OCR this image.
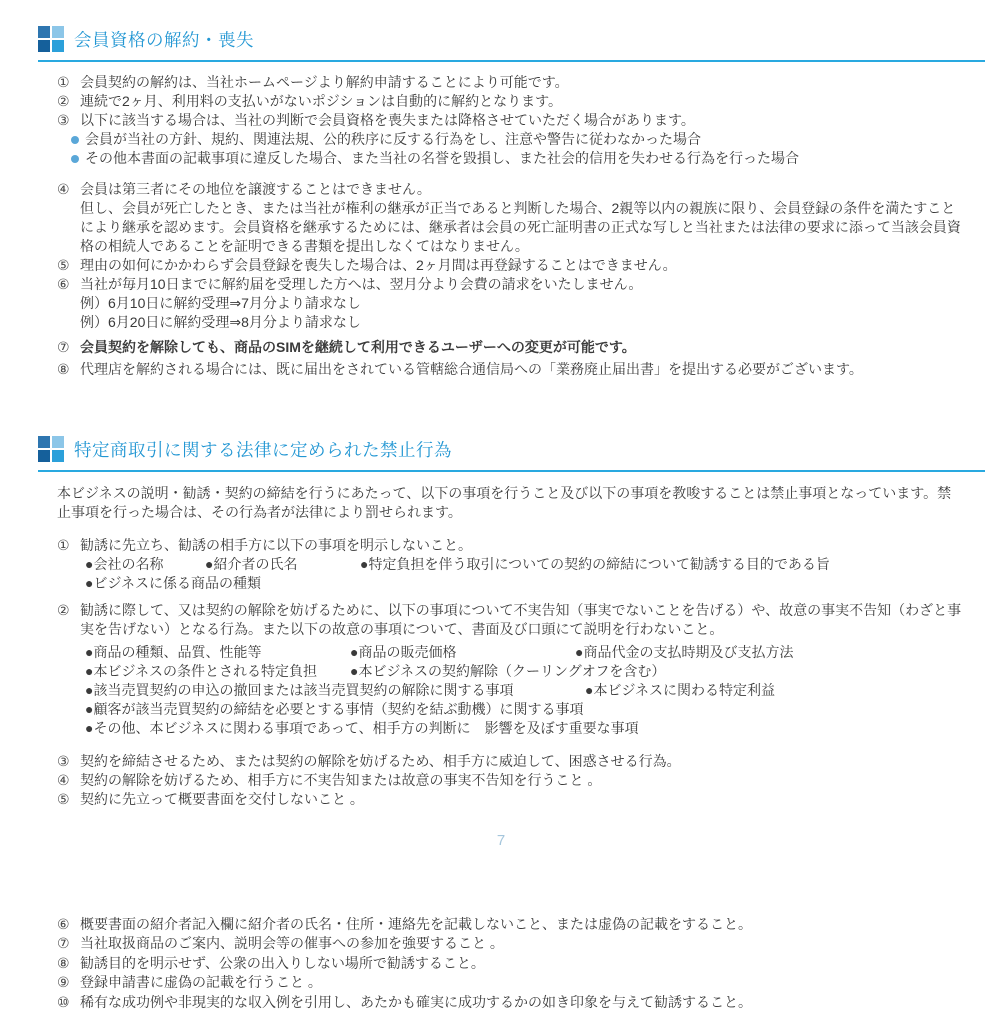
会員資格の解約・喪失
① 会員契約の解約は、当社ホームページより解約申請することにより可能です。
② 連続で2ヶ月、利用料の支払いがないポジションは自動的に解約となります。
③ 以下に該当する場合は、当社の判断で会員資格を喪失または降格させていただく場合があります。
会員が当社の方針、規約、関連法規、公的秩序に反する行為をし、注意や警告に従わなかった場合
その他本書面の記載事項に違反した場合、また当社の名誉を毀損し、また社会的信用を失わせる行為を行った場合
④ 会員は第三者にその地位を譲渡することはできません。
但し、会員が死亡したとき、または当社が権利の継承が正当であると判断した場合、2親等以内の親族に限り、会員登録の条件を満たすことにより継承を認めます。会員資格を継承するためには、継承者は会員の死亡証明書の正式な写しと当社または法律の要求に添って当該会員資格の相続人であることを証明できる書類を提出しなくてはなりません。
⑤ 理由の如何にかかわらず会員登録を喪失した場合は、2ヶ月間は再登録することはできません。
⑥ 当社が毎月10日までに解約届を受理した方へは、翌月分より会費の請求をいたしません。
例）6月10日に解約受理⇒7月分より請求なし
例）6月20日に解約受理⇒8月分より請求なし
⑦ 会員契約を解除しても、商品のSIMを継続して利用できるユーザーへの変更が可能です。
⑧ 代理店を解約される場合には、既に届出をされている管轄総合通信局への「業務廃止届出書」を提出する必要がございます。
特定商取引に関する法律に定められた禁止行為
本ビジネスの説明・勧誘・契約の締結を行うにあたって、以下の事項を行うこと及び以下の事項を教唆することは禁止事項となっています。禁止事項を行った場合は、その行為者が法律により罰せられます。
① 勧誘に先立ち、勧誘の相手方に以下の事項を明示しないこと。
●会社の名称	●紹介者の氏名	●特定負担を伴う取引についての契約の締結について勧誘する目的である旨
●ビジネスに係る商品の種類
② 勧誘に際して、又は契約の解除を妨げるために、以下の事項について不実告知（事実でないことを告げる）や、故意の事実不告知（わざと事実を告げない）となる行為。また以下の故意の事項について、書面及び口頭にて説明を行わないこと。
●商品の種類、品質、性能等	●商品の販売価格	●商品代金の支払時期及び支払方法
●本ビジネスの条件とされる特定負担 ●本ビジネスの契約解除（クーリングオフを含む）
●該当売買契約の申込の撤回または該当売買契約の解除に関する事項	●本ビジネスに関わる特定利益
●顧客が該当売買契約の締結を必要とする事情（契約を結ぶ動機）に関する事項
●その他、本ビジネスに関わる事項であって、相手方の判断に　影響を及ぼす重要な事項
③ 契約を締結させるため、または契約の解除を妨げるため、相手方に威迫して、困惑させる行為。
④ 契約の解除を妨げるため、相手方に不実告知または故意の事実不告知を行うこと 。
⑤ 契約に先立って概要書面を交付しないこと 。
7
⑥ 概要書面の紹介者記入欄に紹介者の氏名・住所・連絡先を記載しないこと、または虚偽の記載をすること。
⑦ 当社取扱商品のご案内、説明会等の催事への参加を強要すること 。
⑧ 勧誘目的を明示せず、公衆の出入りしない場所で勧誘すること。
⑨ 登録申請書に虚偽の記載を行うこと 。
⑩ 稀有な成功例や非現実的な収入例を引用し、あたかも確実に成功するかの如き印象を与えて勧誘すること。
